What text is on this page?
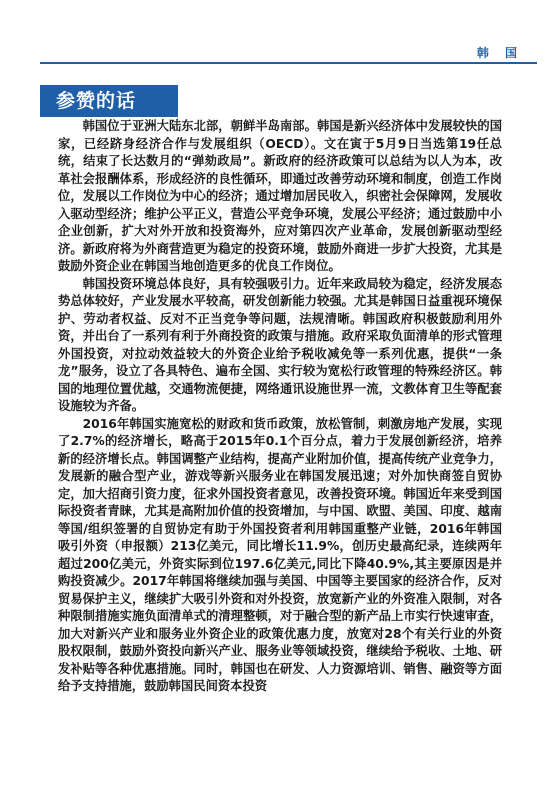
韩 国
参赞的话

韩国位于亚洲大陆东北部，朝鲜半岛南部。韩国是新兴经济体中发展较快的国家，已经跻身经济合作与发展组织（OECD）。文在寅于5月9日当选第19任总统，结束了长达数月的“弹劾政局”。新政府的经济政策可以总结为以人为本，改革社会报酬体系，形成经济的良性循环，即通过改善劳动环境和制度，创造工作岗位，发展以工作岗位为中心的经济；通过增加居民收入，织密社会保障网，发展收入驱动型经济；维护公平正义，营造公平竞争环境，发展公平经济；通过鼓励中小企业创新，扩大对外开放和投资海外，应对第四次产业革命，发展创新驱动型经济。新政府将为外商营造更为稳定的投资环境，鼓励外商进一步扩大投资，尤其是鼓励外资企业在韩国当地创造更多的优良工作岗位。

韩国投资环境总体良好，具有较强吸引力。近年来政局较为稳定，经济发展态势总体较好，产业发展水平较高，研发创新能力较强。尤其是韩国日益重视环境保护、劳动者权益、反对不正当竞争等问题，法规清晰。韩国政府积极鼓励利用外资，并出台了一系列有利于外商投资的政策与措施。政府采取负面清单的形式管理外国投资，对拉动效益较大的外资企业给予税收减免等一系列优惠，提供“一条龙”服务，设立了各具特色、遍布全国、实行较为宽松行政管理的特殊经济区。韩国的地理位置优越，交通物流便捷，网络通讯设施世界一流，文教体育卫生等配套设施较为齐备。

2016年韩国实施宽松的财政和货币政策，放松管制，刺激房地产发展，实现了2.7%的经济增长，略高于2015年0.1个百分点，着力于发展创新经济，培养新的经济增长点。韩国调整产业结构，提高产业附加价值，提高传统产业竞争力，发展新的融合型产业，游戏等新兴服务业在韩国发展迅速；对外加快商签自贸协定，加大招商引资力度，征求外国投资者意见，改善投资环境。韩国近年来受到国际投资者青睐，尤其是高附加价值的投资增加，与中国、欧盟、美国、印度、越南等国/组织签署的自贸协定有助于外国投资者利用韩国重整产业链，2016年韩国吸引外资（申报额）213亿美元，同比增长11.9%，创历史最高纪录，连续两年超过200亿美元，外资实际到位197.6亿美元,同比下降40.9%,其主要原因是并购投资减少。2017年韩国将继续加强与美国、中国等主要国家的经济合作，反对贸易保护主义，继续扩大吸引外资和对外投资，放宽新产业的外资准入限制，对各种限制措施实施负面清单式的清理整顿，对于融合型的新产品上市实行快速审查，加大对新兴产业和服务业外资企业的政策优惠力度，放宽对28个有关行业的外资股权限制，鼓励外资投向新兴产业、服务业等领域投资，继续给予税收、土地、研发补贴等各种优惠措施。同时，韩国也在研发、人力资源培训、销售、融资等方面给予支持措施，鼓励韩国民间资本投资
